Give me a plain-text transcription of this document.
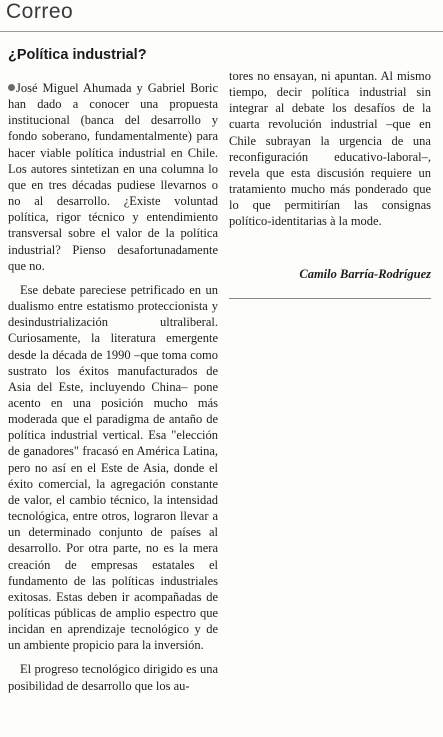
Correo
¿Política industrial?

José Miguel Ahumada y Gabriel Boric han dado a conocer una propuesta institucional (banca del desarrollo y fondo soberano, fundamentalmente) para hacer viable política industrial en Chile. Los autores sintetizan en una columna lo que en tres décadas pudiese llevarnos o no al desarrollo. ¿Existe voluntad política, rigor técnico y entendimiento transversal sobre el valor de la política industrial? Pienso desafortunadamente que no.

Ese debate pareciese petrificado en un dualismo entre estatismo proteccionista y desindustrialización ultraliberal. Curiosamente, la literatura emergente desde la década de 1990 –que toma como sustrato los éxitos manufacturados de Asia del Este, incluyendo China– pone acento en una posición mucho más moderada que el paradigma de antaño de política industrial vertical. Esa "elección de ganadores" fracasó en América Latina, pero no así en el Este de Asia, donde el éxito comercial, la agregación constante de valor, el cambio técnico, la intensidad tecnológica, entre otros, lograron llevar a un determinado conjunto de países al desarrollo. Por otra parte, no es la mera creación de empresas estatales el fundamento de las políticas industriales exitosas. Estas deben ir acompañadas de políticas públicas de amplio espectro que incidan en aprendizaje tecnológico y de un ambiente propicio para la inversión.

El progreso tecnológico dirigido es una posibilidad de desarrollo que los au-

tores no ensayan, ni apuntan. Al mismo tiempo, decir política industrial sin integrar al debate los desafíos de la cuarta revolución industrial –que en Chile subrayan la urgencia de una reconfiguración educativo-laboral–, revela que esta discusión requiere un tratamiento mucho más ponderado que lo que permitirían las consignas político-identitarias à la mode.

Camilo Barría-Rodríguez
